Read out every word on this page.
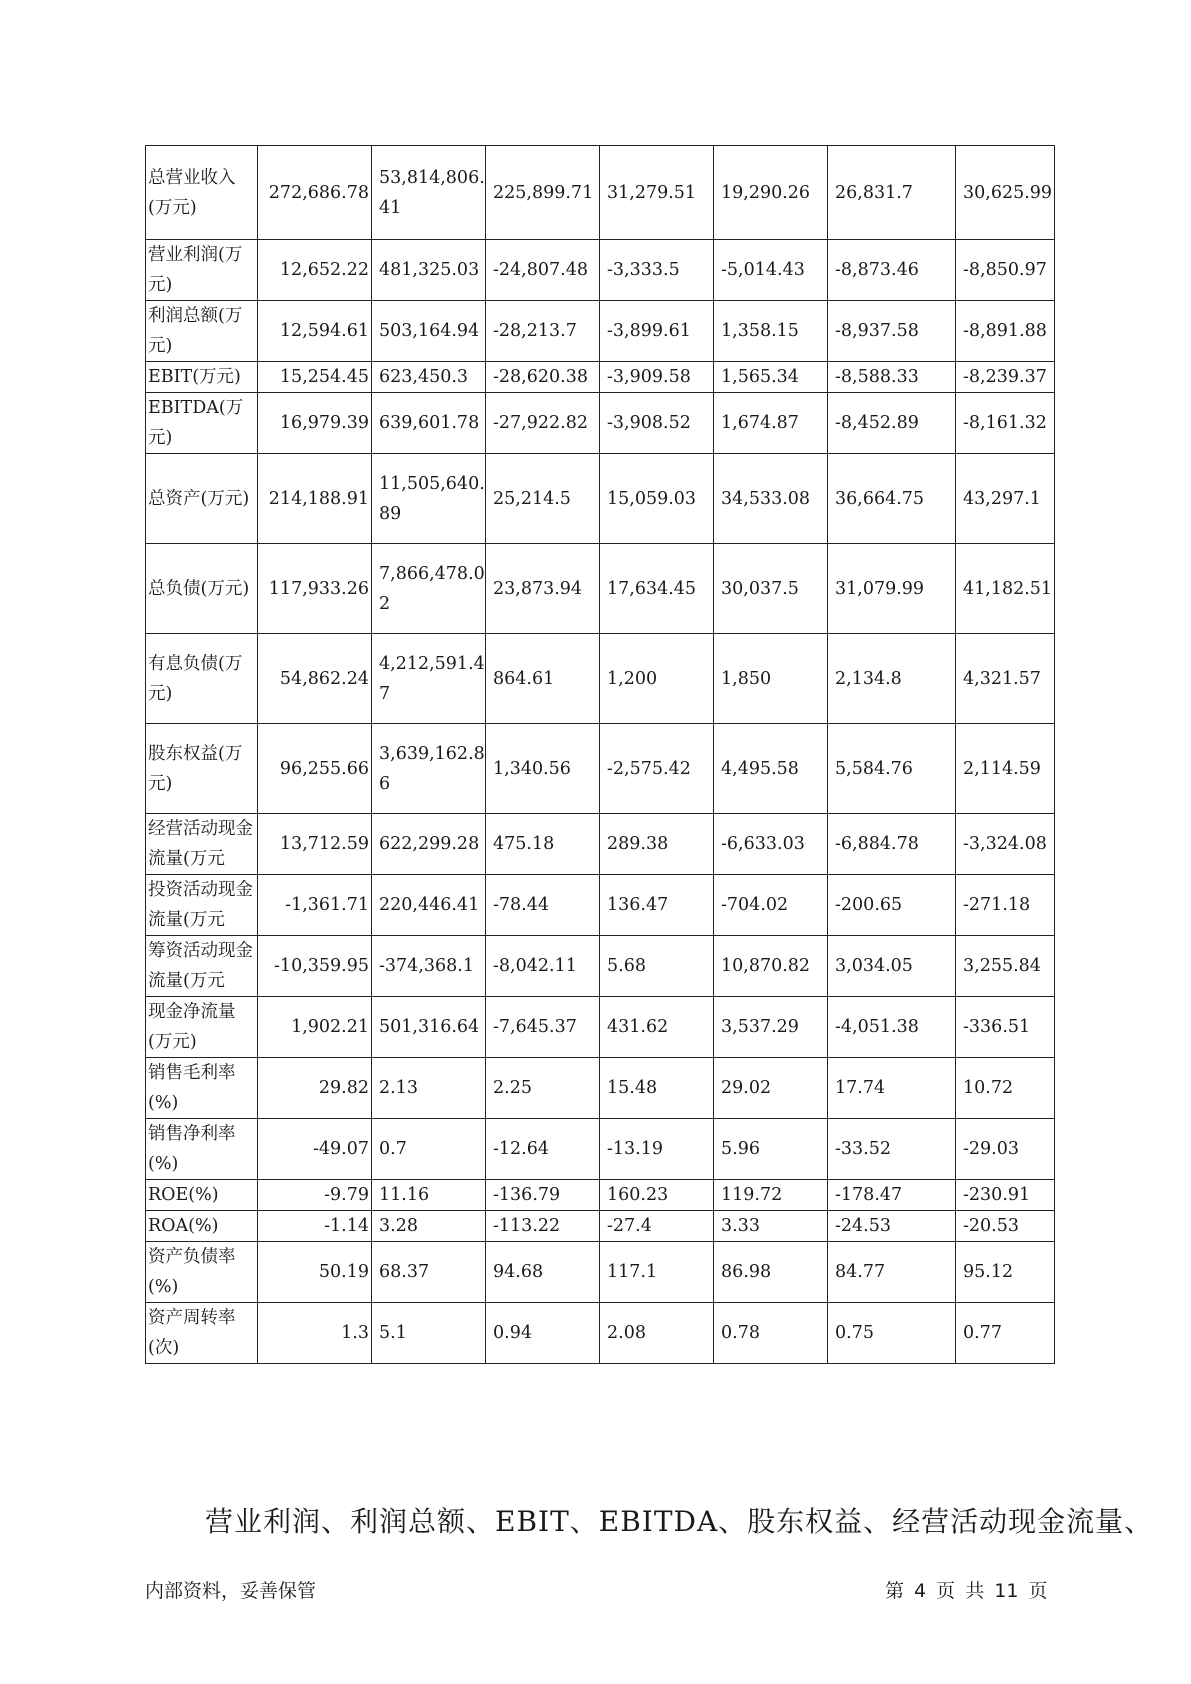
总营业收入(万元)	272,686.78	53,814,806.41	225,899.71	31,279.51	19,290.26	26,831.7	30,625.99
营业利润(万元)	12,652.22	481,325.03	-24,807.48	-3,333.5	-5,014.43	-8,873.46	-8,850.97
利润总额(万元)	12,594.61	503,164.94	-28,213.7	-3,899.61	1,358.15	-8,937.58	-8,891.88
EBIT(万元)	15,254.45	623,450.3	-28,620.38	-3,909.58	1,565.34	-8,588.33	-8,239.37
EBITDA(万元)	16,979.39	639,601.78	-27,922.82	-3,908.52	1,674.87	-8,452.89	-8,161.32
总资产(万元)	214,188.91	11,505,640.89	25,214.5	15,059.03	34,533.08	36,664.75	43,297.1
总负债(万元)	117,933.26	7,866,478.02	23,873.94	17,634.45	30,037.5	31,079.99	41,182.51
有息负债(万元)	54,862.24	4,212,591.47	864.61	1,200	1,850	2,134.8	4,321.57
股东权益(万元)	96,255.66	3,639,162.86	1,340.56	-2,575.42	4,495.58	5,584.76	2,114.59
经营活动现金流量(万元	13,712.59	622,299.28	475.18	289.38	-6,633.03	-6,884.78	-3,324.08
投资活动现金流量(万元	-1,361.71	220,446.41	-78.44	136.47	-704.02	-200.65	-271.18
筹资活动现金流量(万元	-10,359.95	-374,368.1	-8,042.11	5.68	10,870.82	3,034.05	3,255.84
现金净流量(万元)	1,902.21	501,316.64	-7,645.37	431.62	3,537.29	-4,051.38	-336.51
销售毛利率(%)	29.82	2.13	2.25	15.48	29.02	17.74	10.72
销售净利率(%)	-49.07	0.7	-12.64	-13.19	5.96	-33.52	-29.03
ROE(%)	-9.79	11.16	-136.79	160.23	119.72	-178.47	-230.91
ROA(%)	-1.14	3.28	-113.22	-27.4	3.33	-24.53	-20.53
资产负债率(%)	50.19	68.37	94.68	117.1	86.98	84.77	95.12
资产周转率(次)	1.3	5.1	0.94	2.08	0.78	0.75	0.77

营业利润、利润总额、EBIT、EBITDA、股东权益、经营活动现金流量、

内部资料，妥善保管	第 4 页 共 11 页
